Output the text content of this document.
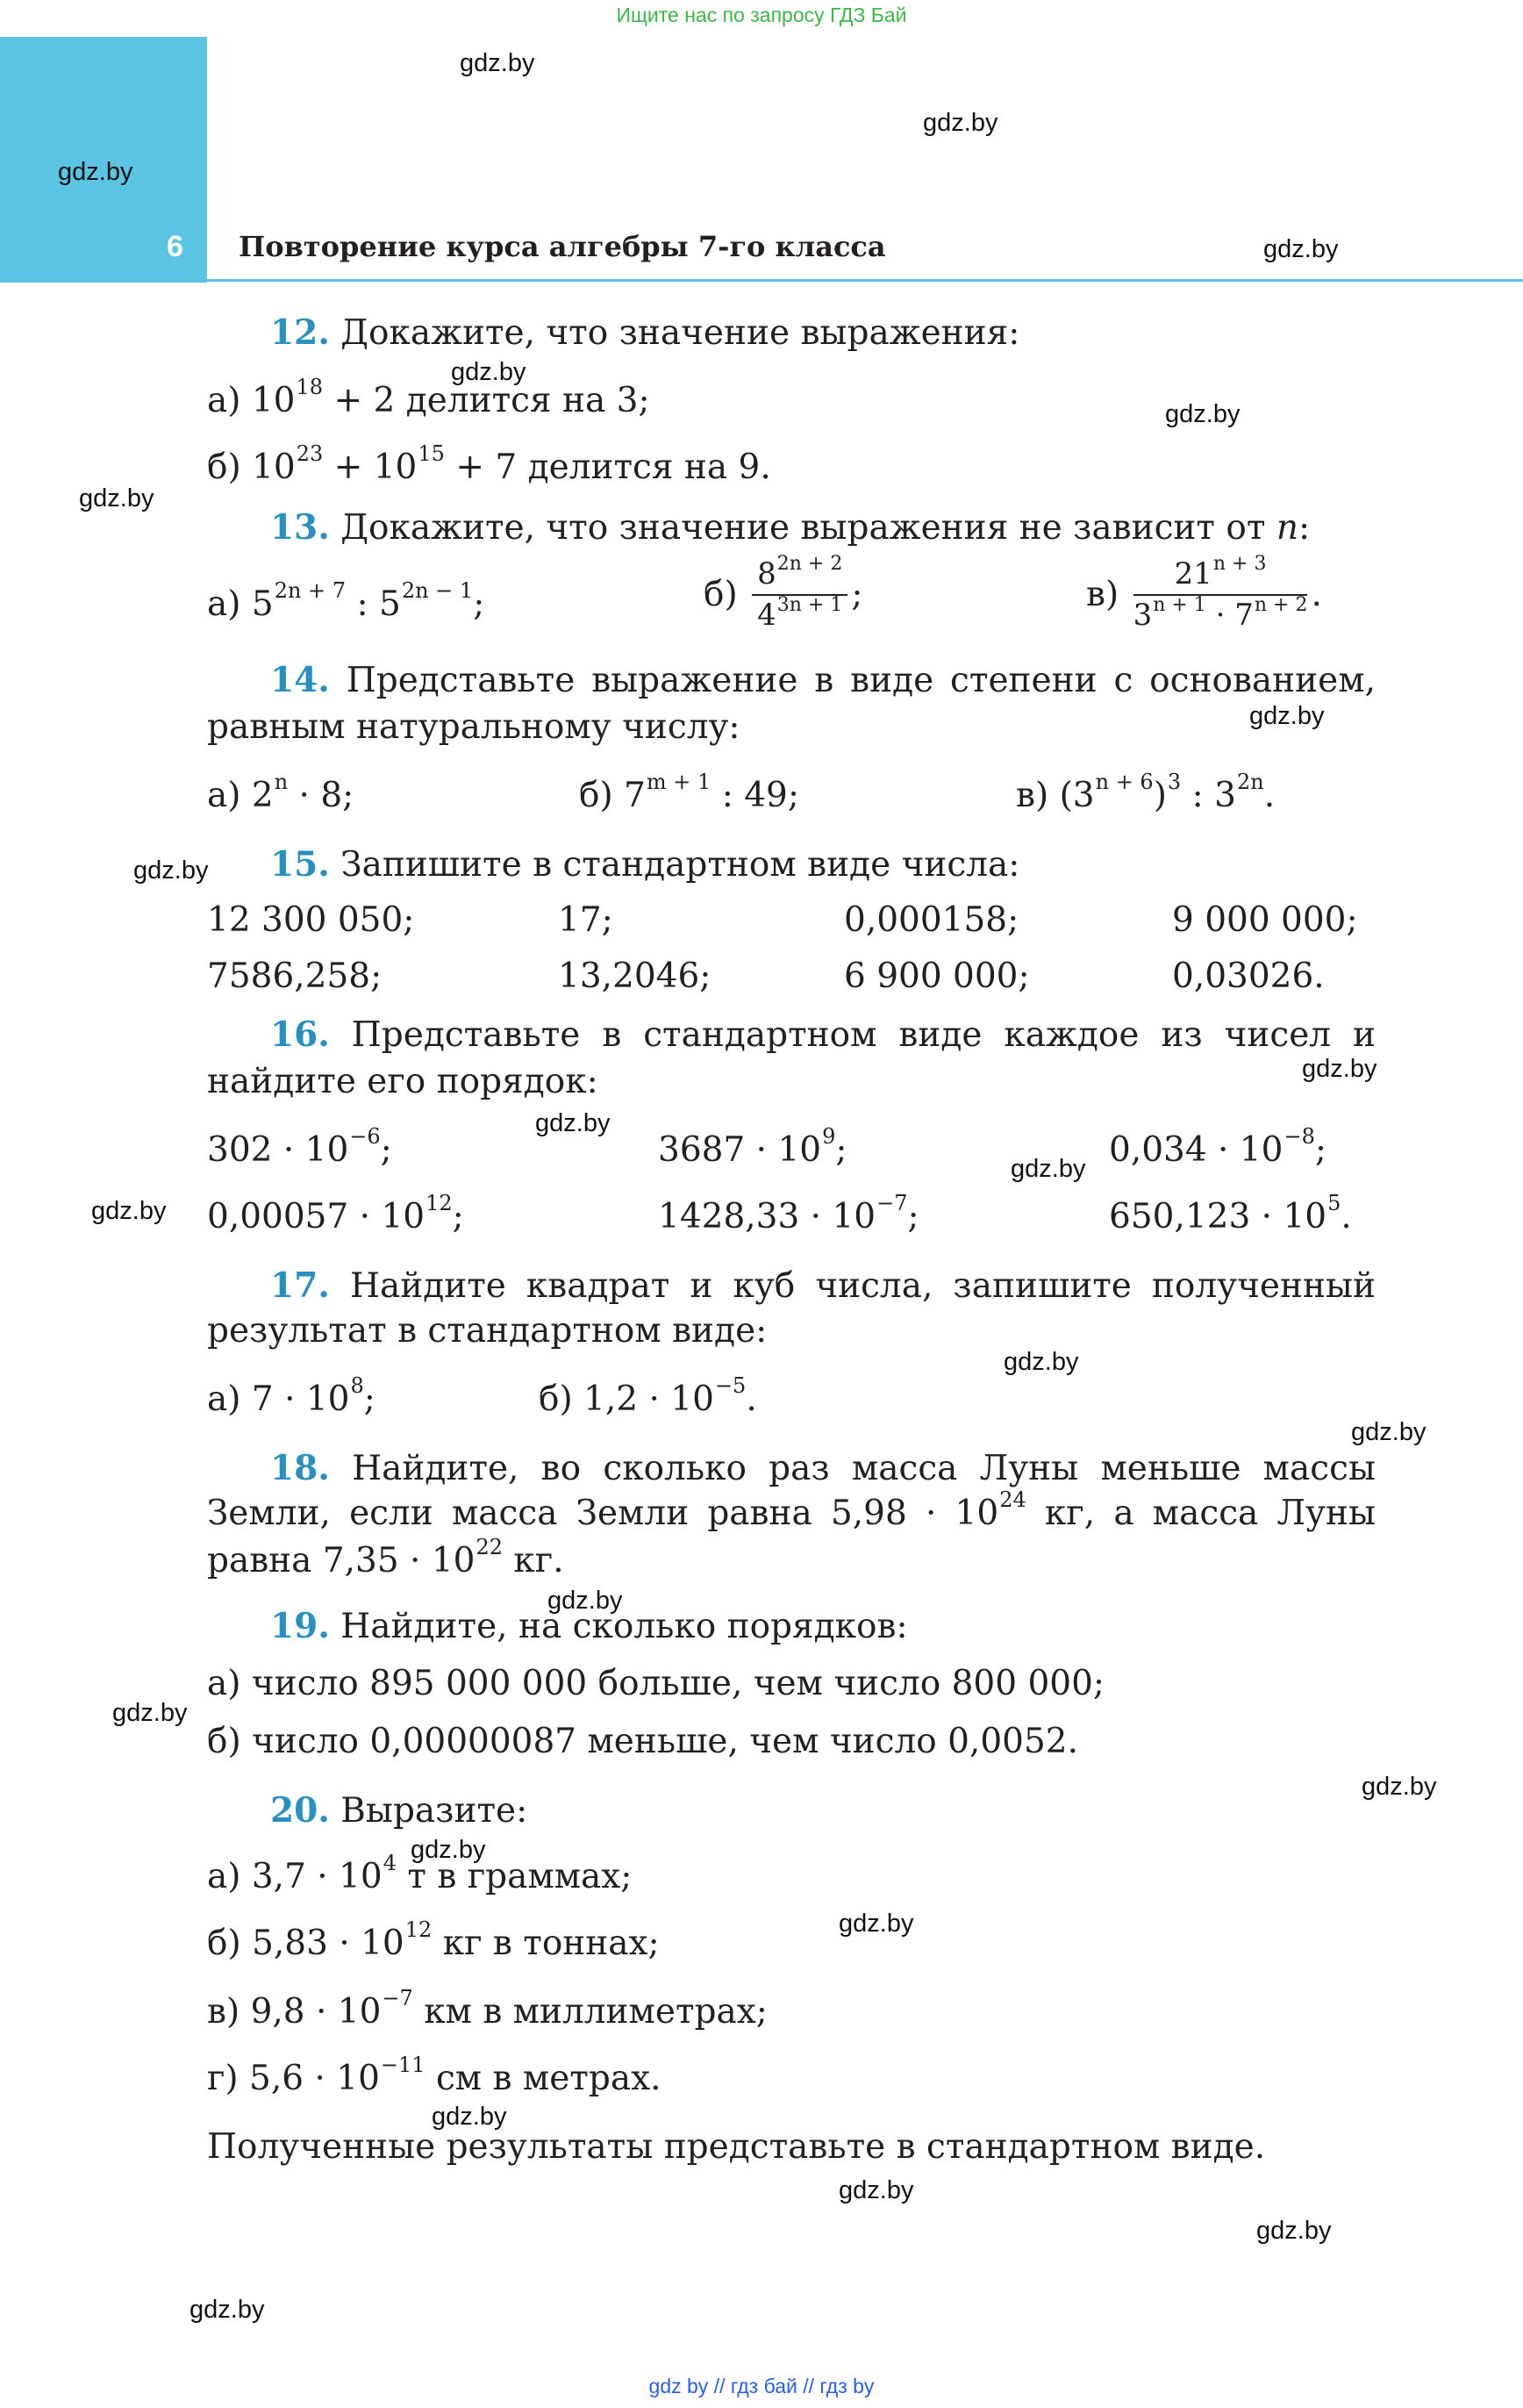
Ищите нас по запросу ГДЗ Бай
6 Повторение курса алгебры 7-го класса
gdz.by
gdz.by
gdz.by
gdz.by
gdz.by
gdz.by
gdz.by
gdz.by
gdz.by
gdz.by
gdz.by
gdz.by
gdz.by
gdz.by
gdz.by
gdz.by
gdz.by
gdz.by
gdz.by
gdz.by
gdz.by
gdz.by
gdz.by
gdz.by
12. Докажите, что значение выражения:
а) $10^{18} + 2$ делится на 3;
б) $10^{23} + 10^{15} + 7$ делится на 9.
13. Докажите, что значение выражения не зависит от n:
а) $5^{2n + 7}$ : $5^{2n - 1}$;	$б) \frac{8^{2n + 2}}{4^{3n + 1}}$ ;	$в) \frac{21^{n + 3}}{3^{n + 1} \cdot 7^{n + 2}}$ .
14. Представьте выражение в виде степени с основанием,
равным натуральному числу:
а) $2^n \cdot 8$;	б) $7^{m + 1}$ : 49;	в) $(3^{n + 6})^3$ : $3^{2n}$.
15. Запишите в стандартном виде числа:
12 300 050;	17;	0,000158;	9 000 000;
7586,258;	13,2046;	6 900 000;	0,03026.
16. Представьте в стандартном виде каждое из чисел и
найдите его порядок:
$302 \cdot 10^{-6}$;	$3687 \cdot 10^9$;	$0,034 \cdot 10^{-8}$;
$0,00057 \cdot 10^{12}$;	$1428,33 \cdot 10^{-7}$;	$650,123 \cdot 10^5$.
17. Найдите квадрат и куб числа, запишите полученный
результат в стандартном виде:
а) $7 \cdot 10^8$;	б) $1,2 \cdot 10^{-5}$.
18. Найдите, во сколько раз масса Луны меньше массы
Земли, если масса Земли равна $5,98 \cdot 10^{24}$ кг, а масса Луны
равна $7,35 \cdot 10^{22}$ кг.
19. Найдите, на сколько порядков:
а) число 895 000 000 больше, чем число 800 000;
б) число 0,00000087 меньше, чем число 0,0052.
20. Выразите:
а) $3,7 \cdot 10^4$ т в граммах;
б) $5,83 \cdot 10^{12}$ кг в тоннах;
в) $9,8 \cdot 10^{-7}$ км в миллиметрах;
г) $5,6 \cdot 10^{-11}$ см в метрах.
Полученные результаты представьте в стандартном виде.
gdz by // гдз бай // гдз by
